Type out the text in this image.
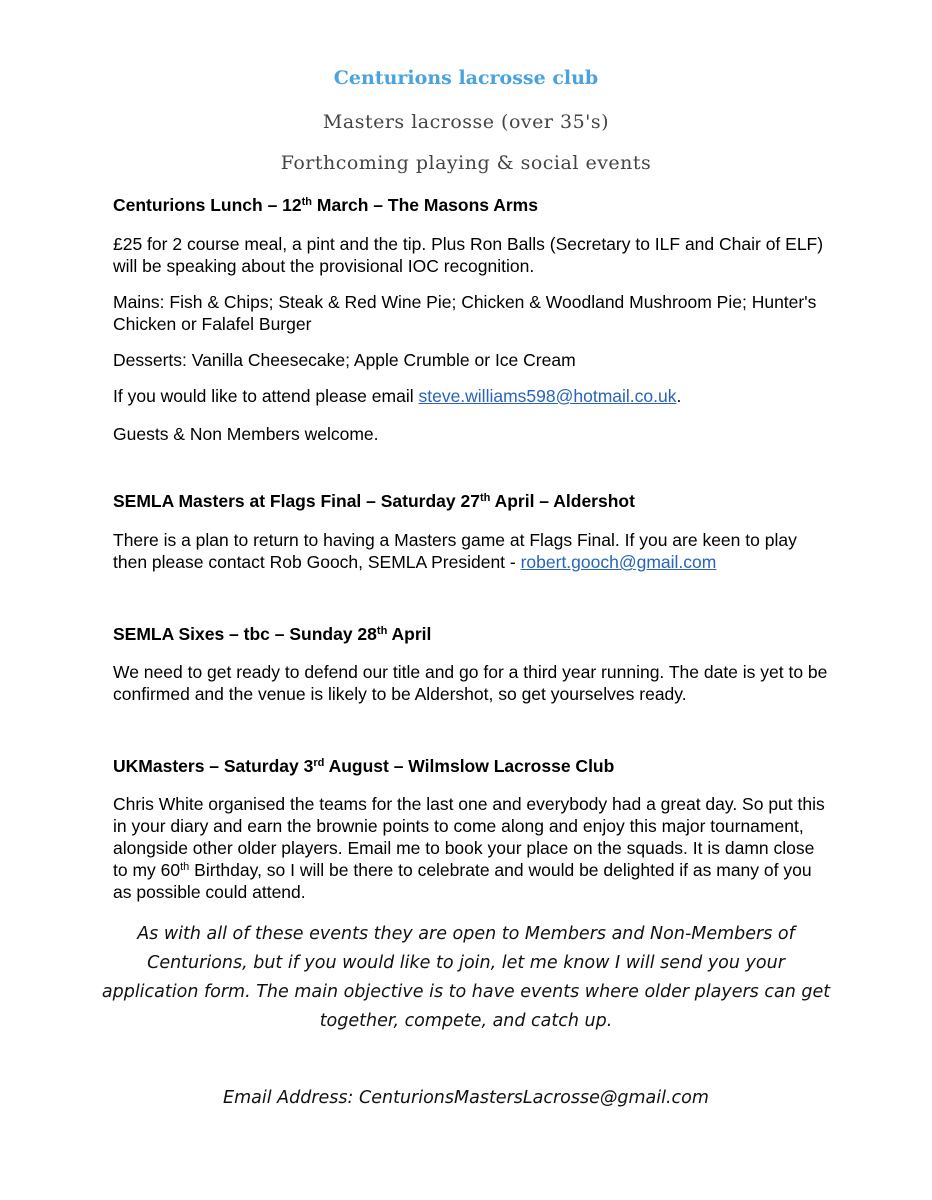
Centurions lacrosse club
Masters lacrosse (over 35's)
Forthcoming playing & social events
Centurions Lunch – 12th March – The Masons Arms
£25 for 2 course meal, a pint and the tip. Plus Ron Balls (Secretary to ILF and Chair of ELF) will be speaking about the provisional IOC recognition.
Mains: Fish & Chips; Steak & Red Wine Pie; Chicken & Woodland Mushroom Pie; Hunter's Chicken or Falafel Burger
Desserts: Vanilla Cheesecake; Apple Crumble or Ice Cream
If you would like to attend please email steve.williams598@hotmail.co.uk.
Guests & Non Members welcome.
SEMLA Masters at Flags Final – Saturday 27th April – Aldershot
There is a plan to return to having a Masters game at Flags Final. If you are keen to play then please contact Rob Gooch, SEMLA President - robert.gooch@gmail.com
SEMLA Sixes – tbc – Sunday 28th April
We need to get ready to defend our title and go for a third year running. The date is yet to be confirmed and the venue is likely to be Aldershot, so get yourselves ready.
UKMasters – Saturday 3rd August – Wilmslow Lacrosse Club
Chris White organised the teams for the last one and everybody had a great day. So put this in your diary and earn the brownie points to come along and enjoy this major tournament, alongside other older players. Email me to book your place on the squads. It is damn close to my 60th Birthday, so I will be there to celebrate and would be delighted if as many of you as possible could attend.
As with all of these events they are open to Members and Non-Members of Centurions, but if you would like to join, let me know I will send you your application form. The main objective is to have events where older players can get together, compete, and catch up.
Email Address: CenturionsMastersLacrosse@gmail.com
